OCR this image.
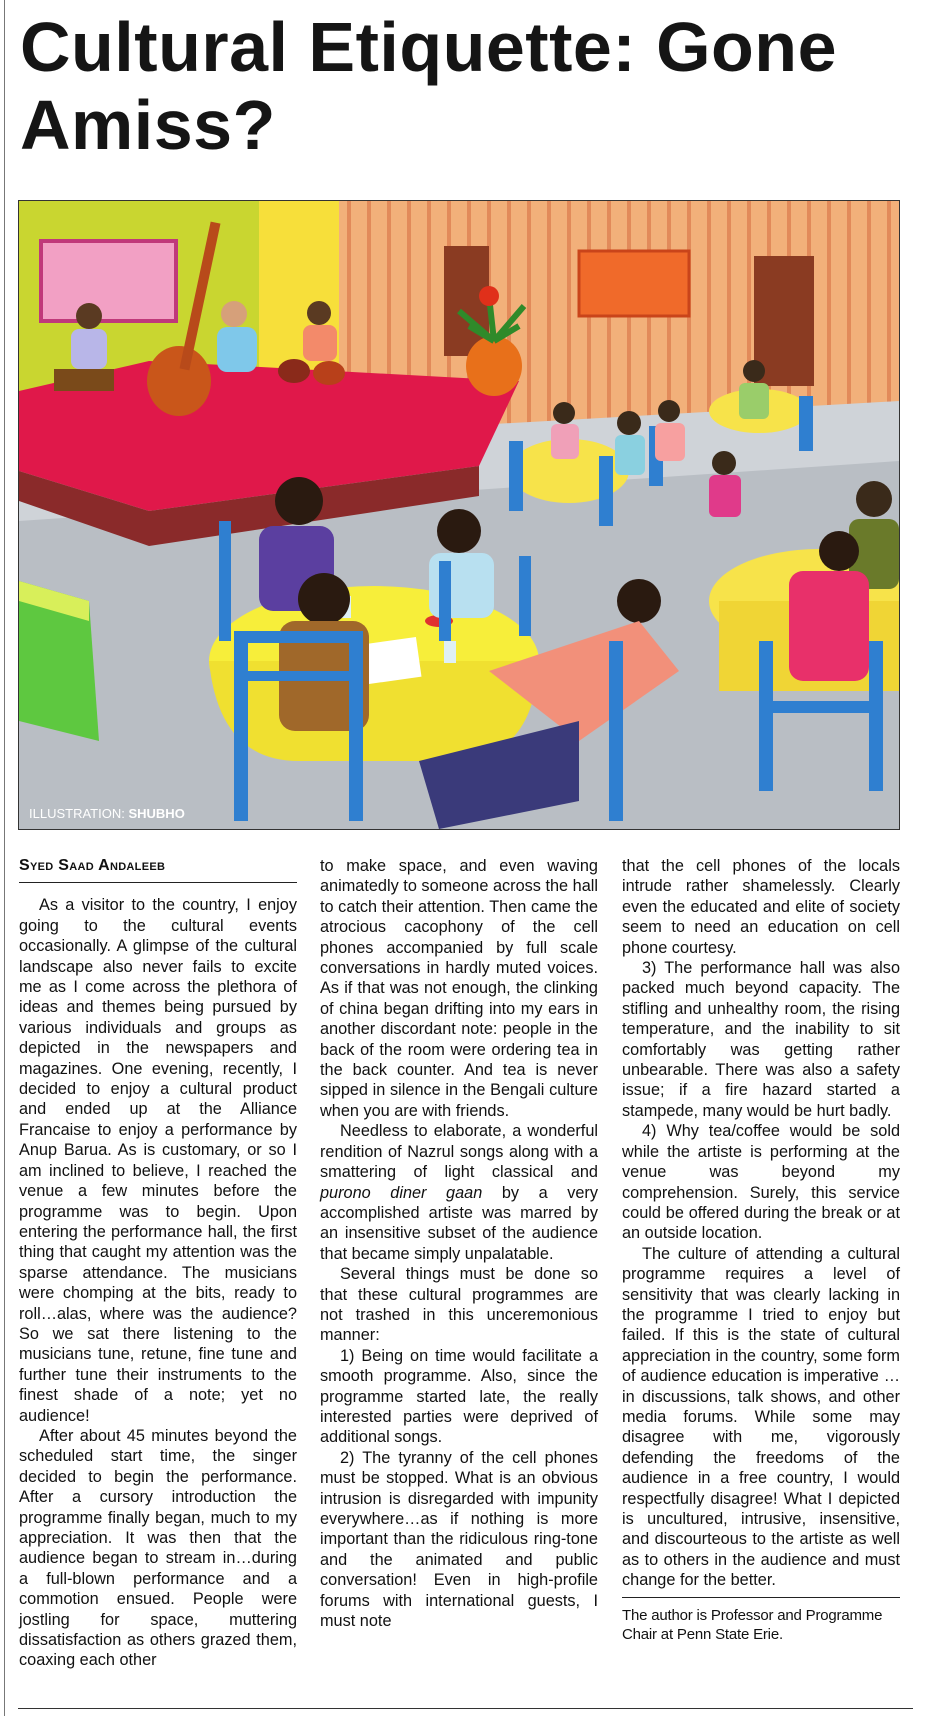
Cultural Etiquette: Gone Amiss?
ILLUSTRATION: SHUBHO
Syed Saad Andaleeb

As a visitor to the country, I enjoy going to the cultural events occasionally. A glimpse of the cultural landscape also never fails to excite me as I come across the plethora of ideas and themes being pursued by various individuals and groups as depicted in the newspapers and magazines. One evening, recently, I decided to enjoy a cultural product and ended up at the Alliance Francaise to enjoy a performance by Anup Barua. As is customary, or so I am inclined to believe, I reached the venue a few minutes before the programme was to begin. Upon entering the performance hall, the first thing that caught my attention was the sparse attendance. The musicians were chomping at the bits, ready to roll…alas, where was the audience? So we sat there listening to the musicians tune, retune, fine tune and further tune their instruments to the finest shade of a note; yet no audience!

After about 45 minutes beyond the scheduled start time, the singer decided to begin the performance. After a cursory introduction the programme finally began, much to my appreciation. It was then that the audience began to stream in…during a full-blown performance and a commotion ensued. People were jostling for space, muttering dissatisfaction as others grazed them, coaxing each other

to make space, and even waving animatedly to someone across the hall to catch their attention. Then came the atrocious cacophony of the cell phones accompanied by full scale conversations in hardly muted voices. As if that was not enough, the clinking of china began drifting into my ears in another discordant note: people in the back of the room were ordering tea in the back counter. And tea is never sipped in silence in the Bengali culture when you are with friends.

Needless to elaborate, a wonderful rendition of Nazrul songs along with a smattering of light classical and purono diner gaan by a very accomplished artiste was marred by an insensitive subset of the audience that became simply unpalatable.

Several things must be done so that these cultural programmes are not trashed in this unceremonious manner:

1) Being on time would facilitate a smooth programme. Also, since the programme started late, the really interested parties were deprived of additional songs.

2) The tyranny of the cell phones must be stopped. What is an obvious intrusion is disregarded with impunity everywhere…as if nothing is more important than the ridiculous ring-tone and the animated and public conversation! Even in high-profile forums with international guests, I must note

that the cell phones of the locals intrude rather shamelessly. Clearly even the educated and elite of society seem to need an education on cell phone courtesy.

3) The performance hall was also packed much beyond capacity. The stifling and unhealthy room, the rising temperature, and the inability to sit comfortably was getting rather unbearable. There was also a safety issue; if a fire hazard started a stampede, many would be hurt badly.

4) Why tea/coffee would be sold while the artiste is performing at the venue was beyond my comprehension. Surely, this service could be offered during the break or at an outside location.

The culture of attending a cultural programme requires a level of sensitivity that was clearly lacking in the programme I tried to enjoy but failed. If this is the state of cultural appreciation in the country, some form of audience education is imperative … in discussions, talk shows, and other media forums. While some may disagree with me, vigorously defending the freedoms of the audience in a free country, I would respectfully disagree! What I depicted is uncultured, intrusive, insensitive, and discourteous to the artiste as well as to others in the audience and must change for the better.

The author is Professor and Programme Chair at Penn State Erie.
